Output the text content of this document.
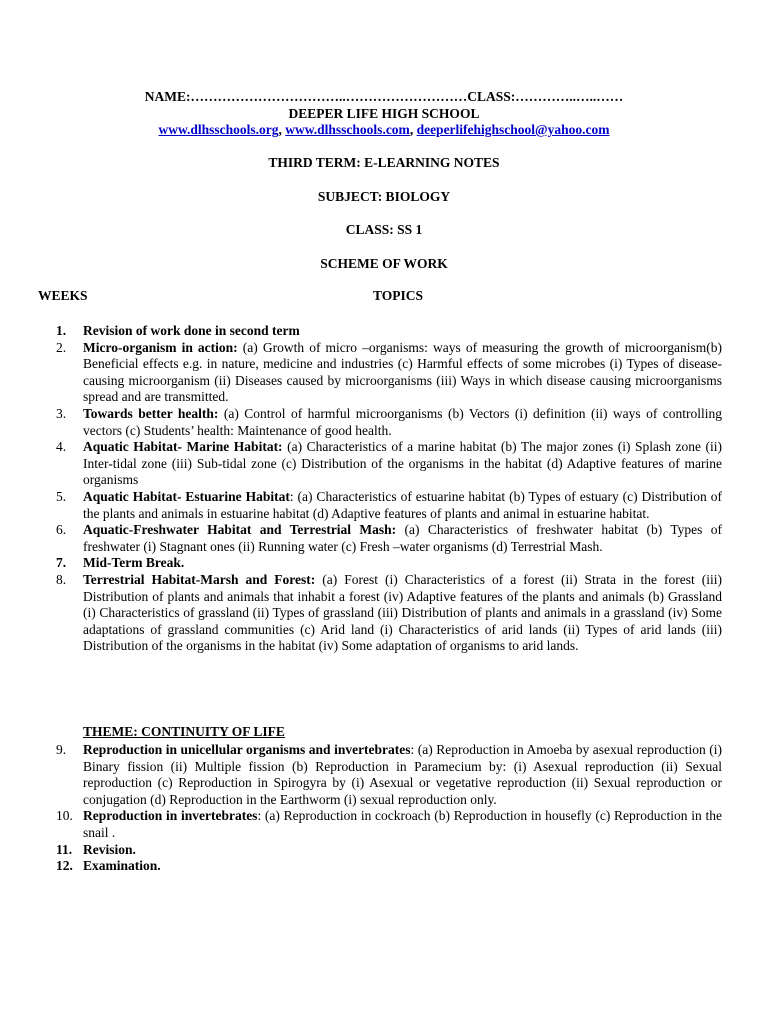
NAME:……………………………..………………………CLASS:…………..…..……
DEEPER LIFE HIGH SCHOOL
www.dlhsschools.org, www.dlhsschools.com, deeperlifehighschool@yahoo.com
THIRD TERM: E-LEARNING NOTES
SUBJECT: BIOLOGY
CLASS: SS 1
SCHEME OF WORK
WEEKS	TOPICS
1.	Revision of work done in second term
2.	Micro-organism in action: (a) Growth of micro –organisms: ways of measuring the growth of microorganism(b) Beneficial effects e.g. in nature, medicine and industries (c) Harmful effects of some microbes (i) Types of disease-causing microorganism (ii) Diseases caused by microorganisms (iii) Ways in which disease causing microorganisms spread and are transmitted.
3.	Towards better health: (a) Control of harmful microorganisms (b) Vectors (i) definition (ii) ways of controlling vectors (c) Students’ health: Maintenance of good health.
4.	Aquatic Habitat- Marine Habitat: (a) Characteristics of a marine habitat (b) The major zones (i) Splash zone (ii) Inter-tidal zone (iii) Sub-tidal zone (c) Distribution of the organisms in the habitat (d) Adaptive features of marine organisms
5.	Aquatic Habitat- Estuarine Habitat: (a) Characteristics of estuarine habitat (b) Types of estuary (c) Distribution of the plants and animals in estuarine habitat (d) Adaptive features of plants and animal in estuarine habitat.
6.	Aquatic-Freshwater Habitat and Terrestrial Mash: (a) Characteristics of freshwater habitat (b) Types of freshwater (i) Stagnant ones (ii) Running water (c) Fresh –water organisms (d) Terrestrial Mash.
7.	Mid-Term Break.
8.	Terrestrial Habitat-Marsh and Forest: (a) Forest (i) Characteristics of a forest (ii) Strata in the forest (iii) Distribution of plants and animals that inhabit a forest (iv) Adaptive features of the plants and animals (b) Grassland (i) Characteristics of grassland (ii) Types of grassland (iii) Distribution of plants and animals in a grassland (iv) Some adaptations of grassland communities (c) Arid land (i) Characteristics of arid lands (ii) Types of arid lands (iii) Distribution of the organisms in the habitat (iv) Some adaptation of organisms to arid lands.
THEME: CONTINUITY OF LIFE
9.	Reproduction in unicellular organisms and invertebrates: (a) Reproduction in Amoeba by asexual reproduction (i) Binary fission (ii) Multiple fission (b) Reproduction in Paramecium by: (i) Asexual reproduction (ii) Sexual reproduction (c) Reproduction in Spirogyra by (i) Asexual or vegetative reproduction (ii) Sexual reproduction or conjugation (d) Reproduction in the Earthworm (i) sexual reproduction only.
10. Reproduction in invertebrates: (a) Reproduction in cockroach (b) Reproduction in housefly (c) Reproduction in the snail .
11. Revision.
12. Examination.
